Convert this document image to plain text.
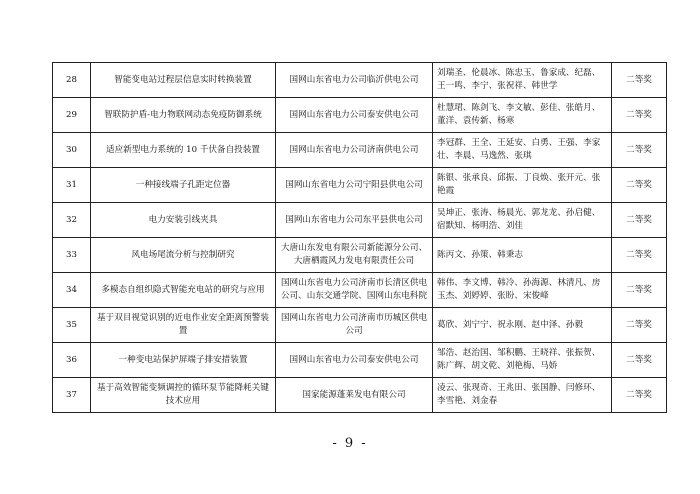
28	智能变电站过程层信息实时转换装置	国网山东省电力公司临沂供电公司	刘瑞圣、伦晨冰、陈忠玉、鲁家成、纪磊、王一鸣、李宁、张祝祥、韩世学	二等奖
29	智联防护盾-电力物联网动态免疫防御系统	国网山东省电力公司泰安供电公司	杜慧珺、陈剑飞、李文敏、彭佳、张皓月、董洋、袁传新、杨寒	二等奖
30	适应新型电力系统的 10 千伏备自投装置	国网山东省电力公司济南供电公司	李冠群、王全、王延安、白勇、王强、李家壮、李晨、马逸然、张琪	二等奖
31	一种接线端子孔距定位器	国网山东省电力公司宁阳县供电公司	陈银、张承良、邱振、丁良焕、张开元、张艳霞	二等奖
32	电力安装引线夹具	国网山东省电力公司东平县供电公司	吴坤正、张涛、杨晨光、郭龙龙、孙启健、宿默知、杨明浩、刘佳	二等奖
33	风电场尾流分析与控制研究	大唐山东发电有限公司新能源分公司、大唐栖霞风力发电有限责任公司	陈丙文、孙策、韩秉志	二等奖
34	多模态自组织隐式智能充电站的研究与应用	国网山东省电力公司济南市长清区供电公司、山东交通学院、国网山东电科院	韩伟、李文博、韩冷、孙海源、林清凡、房玉杰、刘婷婷、张盼、宋俊峰	二等奖
35	基于双目视觉识别的近电作业安全距离预警装置	国网山东省电力公司济南市历城区供电公司	葛欣、刘宁宁、祝永刚、赵中泽、孙毅	二等奖
36	一种变电站保护屏端子排安措装置	国网山东省电力公司泰安供电公司	邹浩、赵治国、邹积鹏、王晓祥、张振贺、陈广辉、胡文乾、刘艳梅、马娇	二等奖
37	基于高效智能变频调控的循环泵节能降耗关键技术应用	国家能源蓬莱发电有限公司	凌云、张现奇、王兆田、张国静、闫修环、李雪艳、刘金春	二等奖
- 9 -
